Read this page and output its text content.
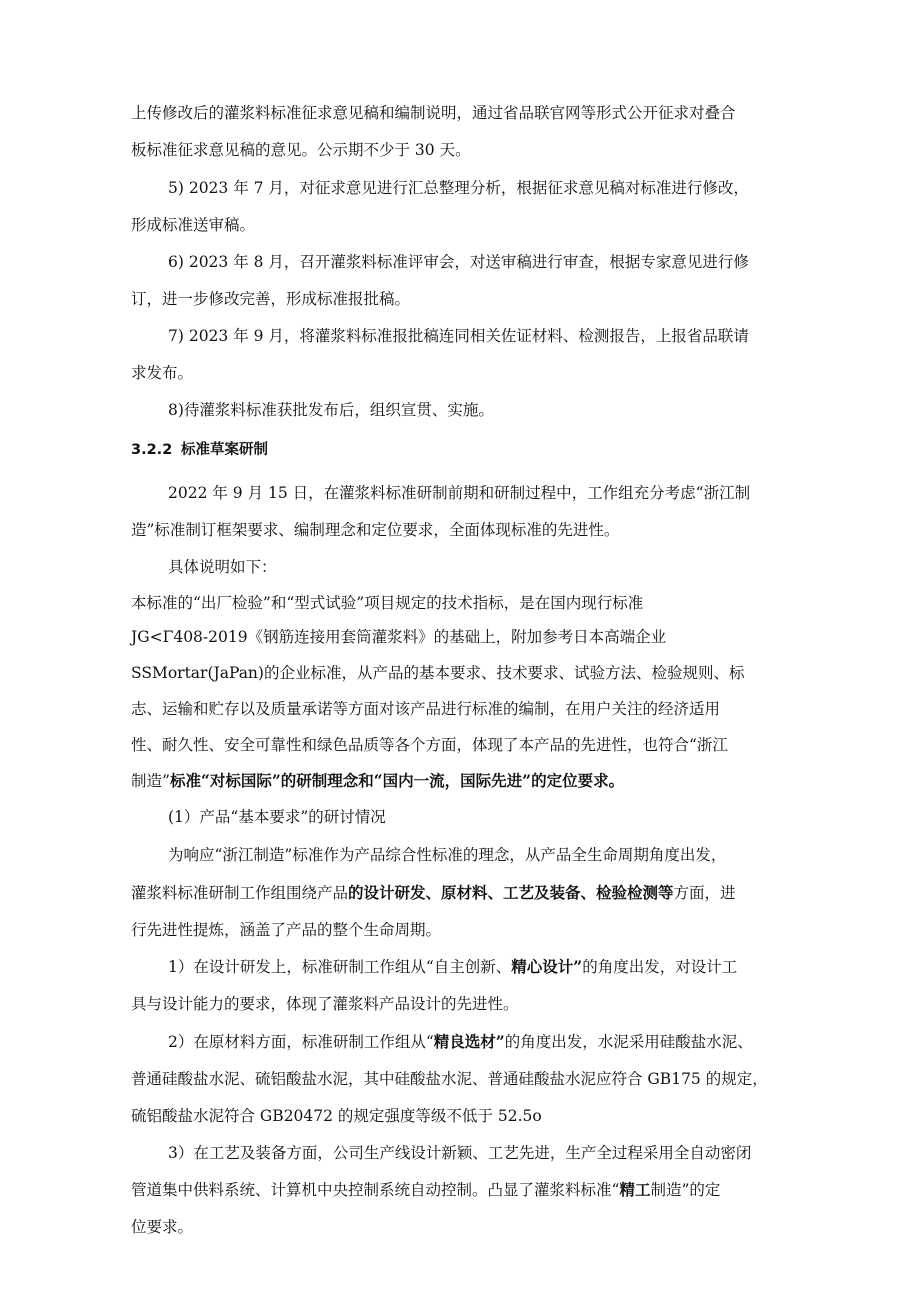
上传修改后的灌浆料标准征求意见稿和编制说明，通过省品联官网等形式公开征求对叠合
板标准征求意见稿的意见。公示期不少于 30 天。
5) 2023 年 7 月，对征求意见进行汇总整理分析，根据征求意见稿对标准进行修改，
形成标准送审稿。
6) 2023 年 8 月，召开灌浆料标准评审会，对送审稿进行审查，根据专家意见进行修
订，进一步修改完善，形成标准报批稿。
7) 2023 年 9 月，将灌浆料标准报批稿连同相关佐证材料、检测报告，上报省品联请
求发布。
8)待灌浆料标准获批发布后，组织宣贯、实施。
3.2.2 标准草案研制
2022 年 9 月 15 日，在灌浆料标准研制前期和研制过程中，工作组充分考虑“浙江制
造”标准制订框架要求、编制理念和定位要求，全面体现标准的先进性。
具体说明如下：
本标准的“出厂检验”和“型式试验”项目规定的技术指标，是在国内现行标准
JG<Γ408-2019《钢筋连接用套筒灌浆料》的基础上，附加参考日本高端企业
SSMortar(JaPan)的企业标准，从产品的基本要求、技术要求、试验方法、检验规则、标
志、运输和贮存以及质量承诺等方面对该产品进行标准的编制，在用户关注的经济适用
性、耐久性、安全可靠性和绿色品质等各个方面，体现了本产品的先进性，也符合“浙江
制造”标准“对标国际”的研制理念和“国内一流，国际先进”的定位要求。
(1）产品“基本要求”的研讨情况
为响应“浙江制造”标准作为产品综合性标准的理念，从产品全生命周期角度出发，
灌浆料标准研制工作组围绕产品的设计研发、原材料、工艺及装备、检验检测等方面，进
行先进性提炼，涵盖了产品的整个生命周期。
1）在设计研发上，标准研制工作组从“自主创新、精心设计”的角度出发，对设计工
具与设计能力的要求，体现了灌浆料产品设计的先进性。
2）在原材料方面，标准研制工作组从“精良选材”的角度出发，水泥采用硅酸盐水泥、
普通硅酸盐水泥、硫铝酸盐水泥，其中硅酸盐水泥、普通硅酸盐水泥应符合 GB175 的规定，
硫铝酸盐水泥符合 GB20472 的规定强度等级不低于 52.5o
3）在工艺及装备方面，公司生产线设计新颖、工艺先进，生产全过程采用全自动密闭
管道集中供料系统、计算机中央控制系统自动控制。凸显了灌浆料标准“精工制造”的定
位要求。
